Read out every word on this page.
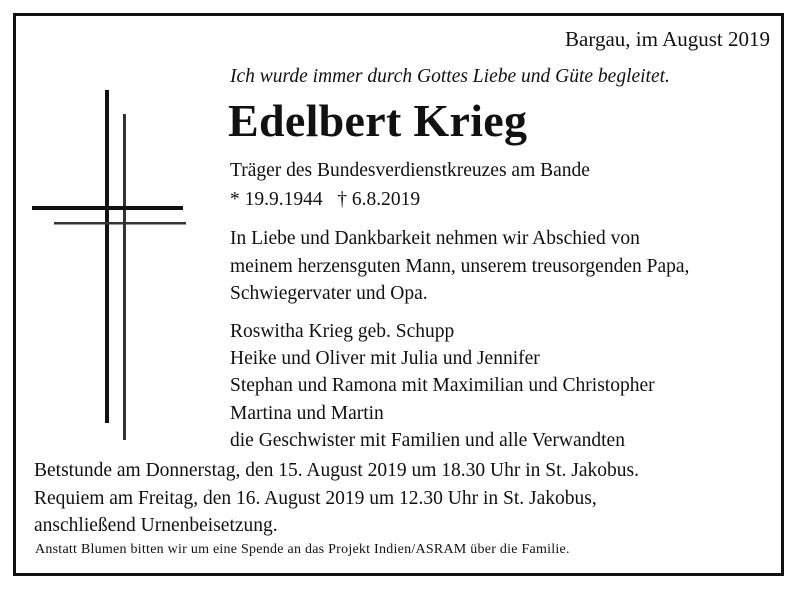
Bargau, im August 2019
Ich wurde immer durch Gottes Liebe und Güte begleitet.
Edelbert Krieg
Träger des Bundesverdienstkreuzes am Bande
* 19.9.1944   † 6.8.2019
In Liebe und Dankbarkeit nehmen wir Abschied von
meinem herzensguten Mann, unserem treusorgenden Papa,
Schwiegervater und Opa.
Roswitha Krieg geb. Schupp
Heike und Oliver mit Julia und Jennifer
Stephan und Ramona mit Maximilian und Christopher
Martina und Martin
die Geschwister mit Familien und alle Verwandten
Betstunde am Donnerstag, den 15. August 2019 um 18.30 Uhr in St. Jakobus.
Requiem am Freitag, den 16. August 2019 um 12.30 Uhr in St. Jakobus,
anschließend Urnenbeisetzung.
Anstatt Blumen bitten wir um eine Spende an das Projekt Indien/ASRAM über die Familie.
